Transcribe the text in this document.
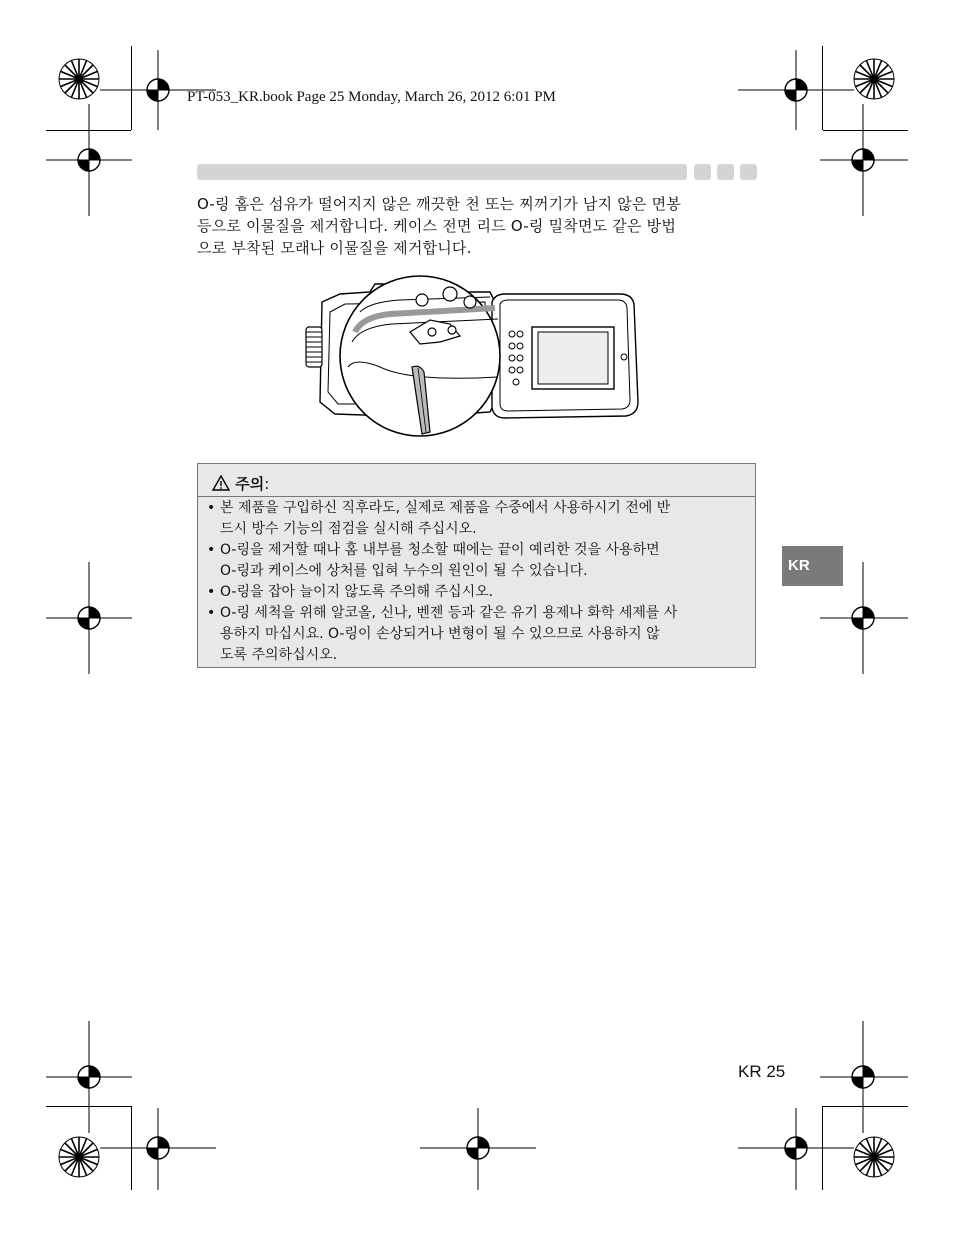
PT-053_KR.book Page 25 Monday, March 26, 2012 6:01 PM
O-링 홈은 섬유가 떨어지지 않은 깨끗한 천 또는 찌꺼기가 남지 않은 면봉
등으로 이물질을 제거합니다. 케이스 전면 리드 O-링 밀착면도 같은 방법
으로 부착된 모래나 이물질을 제거합니다.
주의:
• 본 제품을 구입하신 직후라도, 실제로 제품을 수중에서 사용하시기 전에 반
드시 방수 기능의 점검을 실시해 주십시오.
• O-링을 제거할 때나 홈 내부를 청소할 때에는 끝이 예리한 것을 사용하면
O-링과 케이스에 상처를 입혀 누수의 원인이 될 수 있습니다.
• O-링을 잡아 늘이지 않도록 주의해 주십시오.
• O-링 세척을 위해 알코올, 신나, 벤젠 등과 같은 유기 용제나 화학 세제를 사
용하지 마십시요. O-링이 손상되거나 변형이 될 수 있으므로 사용하지 않
도록 주의하십시오.
KR
KR 25
